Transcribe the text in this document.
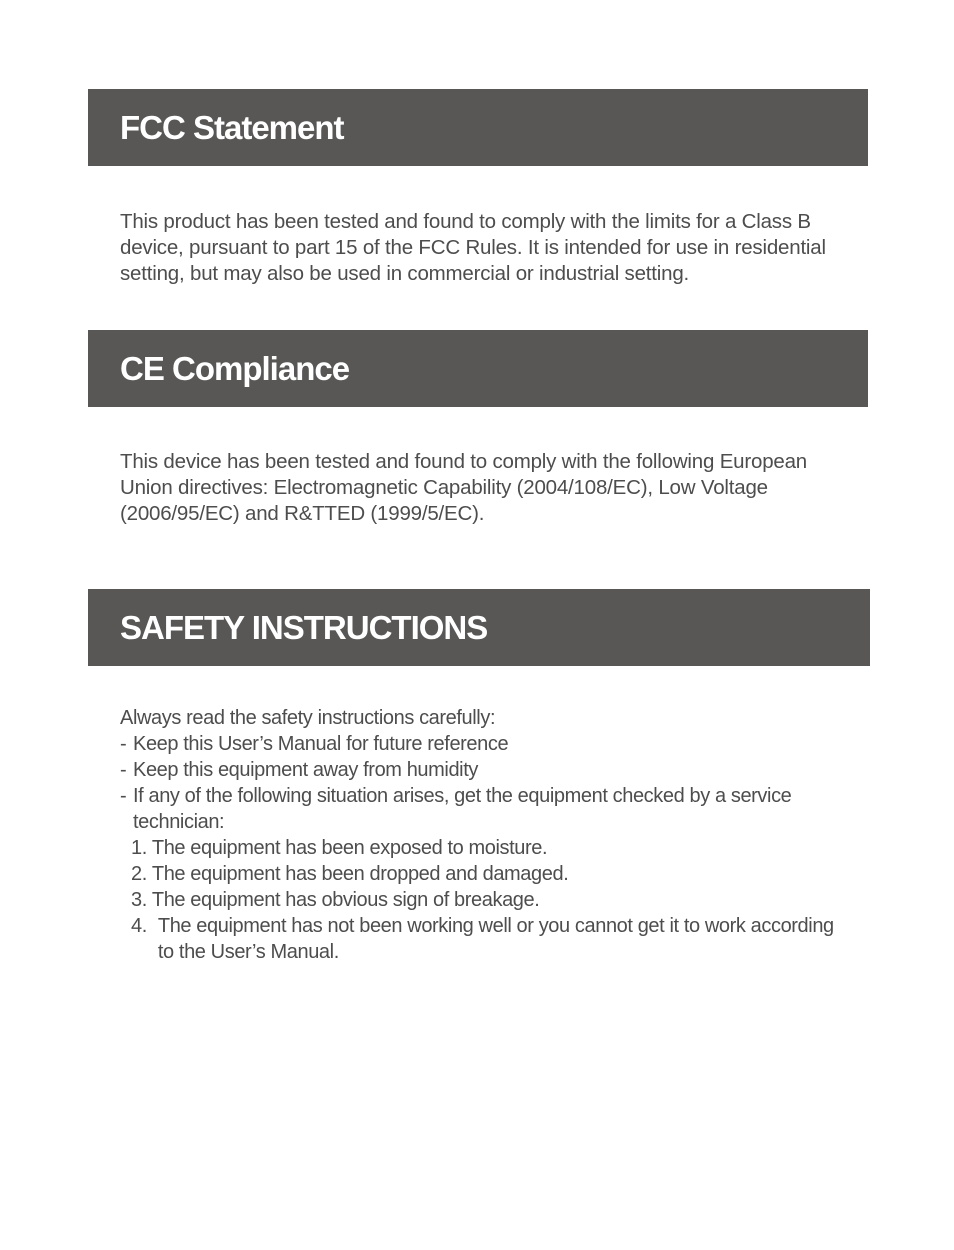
FCC Statement

This product has been tested and found to comply with the limits for a Class B device, pursuant to part 15 of the FCC Rules. It is intended for use in residential setting, but may also be used in commercial or industrial setting.

CE Compliance

This device has been tested and found to comply with the following European Union directives: Electromagnetic Capability (2004/108/EC), Low Voltage (2006/95/EC) and R&TTED (1999/5/EC).

SAFETY INSTRUCTIONS
Always read the safety instructions carefully:
- Keep this User’s Manual for future reference
- Keep this equipment away from humidity
- If any of the following situation arises, get the equipment checked by a service technician:
1. The equipment has been exposed to moisture.
2. The equipment has been dropped and damaged.
3. The equipment has obvious sign of breakage.
4. The equipment has not been working well or you cannot get it to work according to the User’s Manual.
